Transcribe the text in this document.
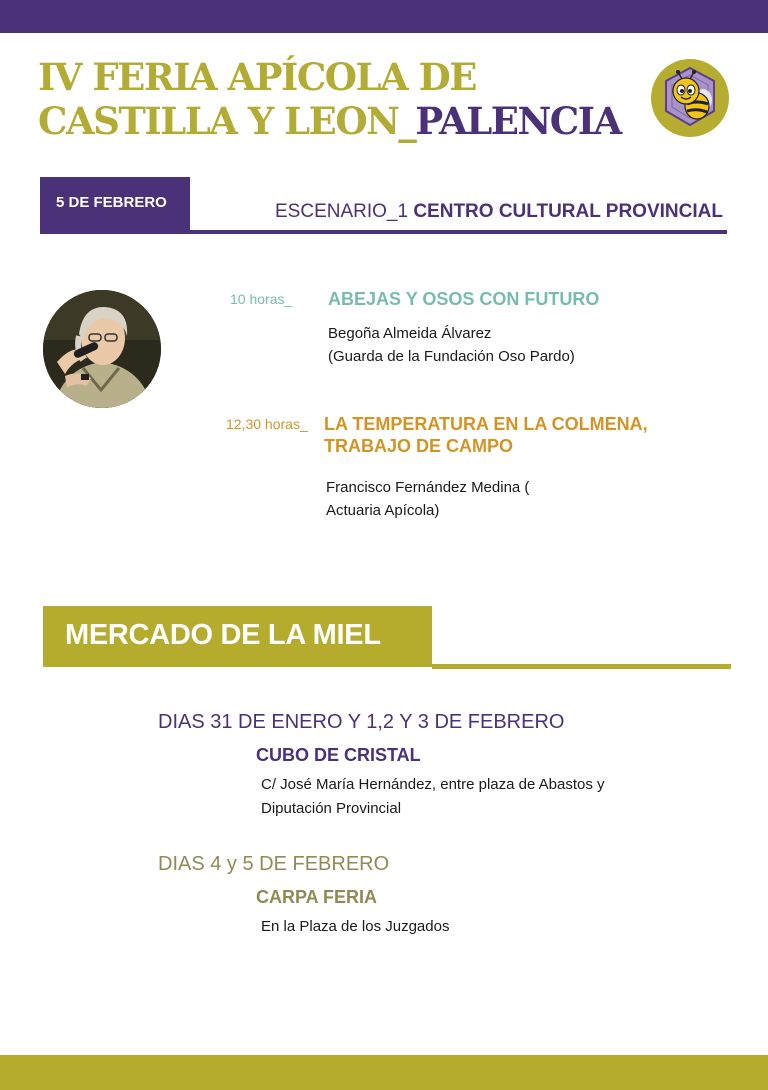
IV FERIA APÍCOLA DE
CASTILLA Y LEON_PALENCIA
5 DE FEBRERO	ESCENARIO_1 CENTRO CULTURAL PROVINCIAL
10 horas_ ABEJAS Y OSOS CON FUTURO
Begoña Almeida Álvarez
(Guarda de la Fundación Oso Pardo)
12,30 horas_ LA TEMPERATURA EN LA COLMENA,
TRABAJO DE CAMPO
Francisco Fernández Medina (
Actuaria Apícola)
MERCADO DE LA MIEL
DIAS 31 DE ENERO Y 1,2 Y 3 DE FEBRERO
CUBO DE CRISTAL
C/ José María Hernández, entre plaza de Abastos y
Diputación Provincial
DIAS 4 y 5 DE FEBRERO
CARPA FERIA
En la Plaza de los Juzgados
